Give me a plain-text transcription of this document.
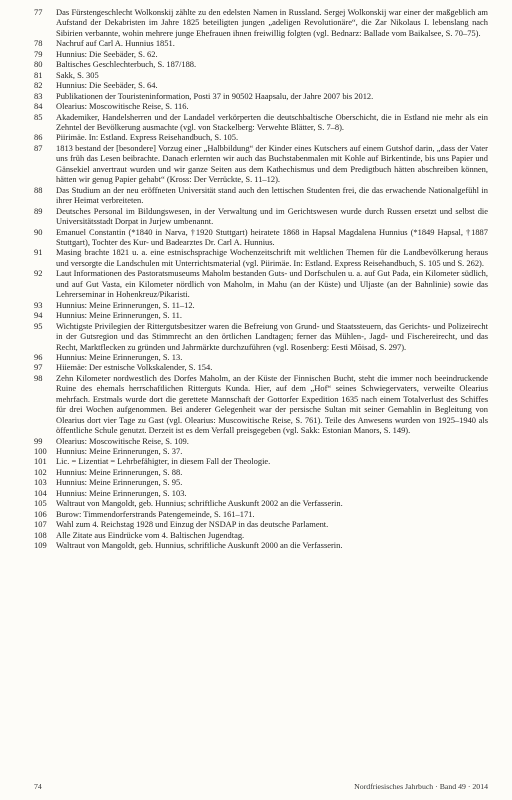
77	Das Fürstengeschlecht Wolkonskij zählte zu den edelsten Namen in Russland. Sergej Wolkonskij war einer der maßgeblich am Aufstand der Dekabristen im Jahre 1825 beteiligten jungen „adeligen Revolutionäre“, die Zar Nikolaus I. lebenslang nach Sibirien verbannte, wohin mehrere junge Ehefrauen ihnen freiwillig folgten (vgl. Bednarz: Ballade vom Baikalsee, S. 70–75).
78	Nachruf auf Carl A. Hunnius 1851.
79	Hunnius: Die Seebäder, S. 62.
80	Baltisches Geschlechterbuch, S. 187/188.
81	Sakk, S. 305
82	Hunnius: Die Seebäder, S. 64.
83	Publikationen der Touristeninformation, Posti 37 in 90502 Haapsalu, der Jahre 2007 bis 2012.
84	Olearius: Moscowitische Reise, S. 116.
85	Akademiker, Handelsherren und der Landadel verkörperten die deutschbaltische Oberschicht, die in Estland nie mehr als ein Zehntel der Bevölkerung ausmachte (vgl. von Stackelberg: Verwehte Blätter, S. 7–8).
86	Piirimäe. In: Estland. Express Reisehandbuch, S. 105.
87	1813 bestand der [besondere] Vorzug einer „Halbbildung“ der Kinder eines Kutschers auf einem Gutshof darin, „dass der Vater uns früh das Lesen beibrachte. Danach erlernten wir auch das Buchstabenmalen mit Kohle auf Birkentinde, bis uns Papier und Gänsekiel anvertraut wurden und wir ganze Seiten aus dem Kathechismus und dem Predigtbuch hätten abschreiben können, hätten wir genug Papier gehabt“ (Kross: Der Verrückte, S. 11–12).
88	Das Studium an der neu eröffneten Universität stand auch den lettischen Studenten frei, die das erwachende Nationalgefühl in ihrer Heimat verbreiteten.
89	Deutsches Personal im Bildungswesen, in der Verwaltung und im Gerichtswesen wurde durch Russen ersetzt und selbst die Universitätsstadt Dorpat in Jurjew umbenannt.
90	Emanuel Constantin (*1840 in Narva, †1920 Stuttgart) heiratete 1868 in Hapsal Magdalena Hunnius (*1849 Hapsal, †1887 Stuttgart), Tochter des Kur- und Badearztes Dr. Carl A. Hunnius.
91	Masing brachte 1821 u. a. eine estnischsprachige Wochenzeitschrift mit weltlichen Themen für die Landbevölkerung heraus und versorgte die Landschulen mit Unterrichtsmaterial (vgl. Piirimäe. In: Estland. Express Reisehandbuch, S. 105 und S. 262).
92	Laut Informationen des Pastoratsmuseums Maholm bestanden Guts- und Dorfschulen u. a. auf Gut Pada, ein Kilometer südlich, und auf Gut Vasta, ein Kilometer nördlich von Maholm, in Mahu (an der Küste) und Uljaste (an der Bahnlinie) sowie das Lehrerseminar in Hohenkreuz/Pikaristi.
93	Hunnius: Meine Erinnerungen, S. 11–12.
94	Hunnius: Meine Erinnerungen, S. 11.
95	Wichtigste Privilegien der Rittergutsbesitzer waren die Befreiung von Grund- und Staatssteuern, das Gerichts- und Polizeirecht in der Gutsregion und das Stimmrecht an den örtlichen Landtagen; ferner das Mühlen-, Jagd- und Fischereirecht, und das Recht, Marktflecken zu gründen und Jahrmärkte durchzuführen (vgl. Rosenberg: Eesti Mõisad, S. 297).
96	Hunnius: Meine Erinnerungen, S. 13.
97	Hiiemäe: Der estnische Volkskalender, S. 154.
98	Zehn Kilometer nordwestlich des Dorfes Maholm, an der Küste der Finnischen Bucht, steht die immer noch beeindruckende Ruine des ehemals herrschaftlichen Ritterguts Kunda. Hier, auf dem „Hof“ seines Schwiegervaters, verweilte Olearius mehrfach. Erstmals wurde dort die gerettete Mannschaft der Gottorfer Expedition 1635 nach einem Totalverlust des Schiffes für drei Wochen aufgenommen. Bei anderer Gelegenheit war der persische Sultan mit seiner Gemahlin in Begleitung von Olearius dort vier Tage zu Gast (vgl. Olearius: Muscowitische Reise, S. 761). Teile des Anwesens wurden von 1925–1940 als öffentliche Schule genutzt. Derzeit ist es dem Verfall preisgegeben (vgl. Sakk: Estonian Manors, S. 149).
99	Olearius: Moscowitische Reise, S. 109.
100	Hunnius: Meine Erinnerungen, S. 37.
101	Lic. = Lizentiat = Lehrbefähigter, in diesem Fall der Theologie.
102	Hunnius: Meine Erinnerungen, S. 88.
103	Hunnius: Meine Erinnerungen, S. 95.
104	Hunnius: Meine Erinnerungen, S. 103.
105	Waltraut von Mangoldt, geb. Hunnius; schriftliche Auskunft 2002 an die Verfasserin.
106	Burow: Timmendorferstrands Patengemeinde, S. 161–171.
107	Wahl zum 4. Reichstag 1928 und Einzug der NSDAP in das deutsche Parlament.
108	Alle Zitate aus Eindrücke vom 4. Baltischen Jugendtag.
109	Waltraut von Mangoldt, geb. Hunnius, schriftliche Auskunft 2000 an die Verfasserin.
74	Nordfriesisches Jahrbuch · Band 49 · 2014
